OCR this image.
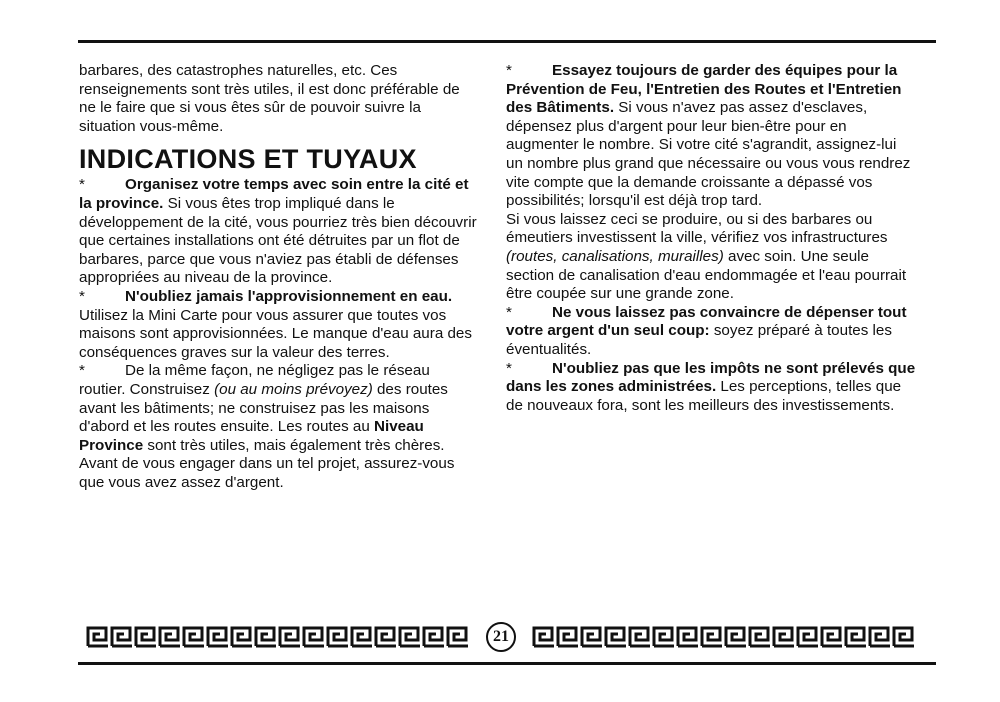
barbares, des catastrophes naturelles, etc. Ces renseignements sont très utiles, il est donc préférable de ne le faire que si vous êtes sûr de pouvoir suivre la situation vous-même.

INDICATIONS ET TUYAUX

*	Organisez votre temps avec soin entre la cité et la province. Si vous êtes trop impliqué dans le développement de la cité, vous pourriez très bien découvrir que certaines installations ont été détruites par un flot de barbares, parce que vous n'aviez pas établi de défenses appropriées au niveau de la province.

*	N'oubliez jamais l'approvisionnement en eau. Utilisez la Mini Carte pour vous assurer que toutes vos maisons sont approvisionnées. Le manque d'eau aura des conséquences graves sur la valeur des terres.

*	De la même façon, ne négligez pas le réseau routier. Construisez (ou au moins prévoyez) des routes avant les bâtiments; ne construisez pas les maisons d'abord et les routes ensuite. Les routes au Niveau Province sont très utiles, mais également très chères. Avant de vous engager dans un tel projet, assurez-vous que vous avez assez d'argent.

*	Essayez toujours de garder des équipes pour la Prévention de Feu, l'Entretien des Routes et l'Entretien des Bâtiments. Si vous n'avez pas assez d'esclaves, dépensez plus d'argent pour leur bien-être pour en augmenter le nombre. Si votre cité s'agrandit, assignez-lui un nombre plus grand que nécessaire ou vous vous rendrez vite compte que la demande croissante a dépassé vos possibilités; lorsqu'il est déjà trop tard.

Si vous laissez ceci se produire, ou si des barbares ou émeutiers investissent la ville, vérifiez vos infrastructures (routes, canalisations, murailles) avec soin. Une seule section de canalisation d'eau endommagée et l'eau pourrait être coupée sur une grande zone.

*	Ne vous laissez pas convaincre de dépenser tout votre argent d'un seul coup: soyez préparé à toutes les éventualités.

*	N'oubliez pas que les impôts ne sont prélevés que dans les zones administrées. Les perceptions, telles que de nouveaux fora, sont les meilleurs des investissements.

21
